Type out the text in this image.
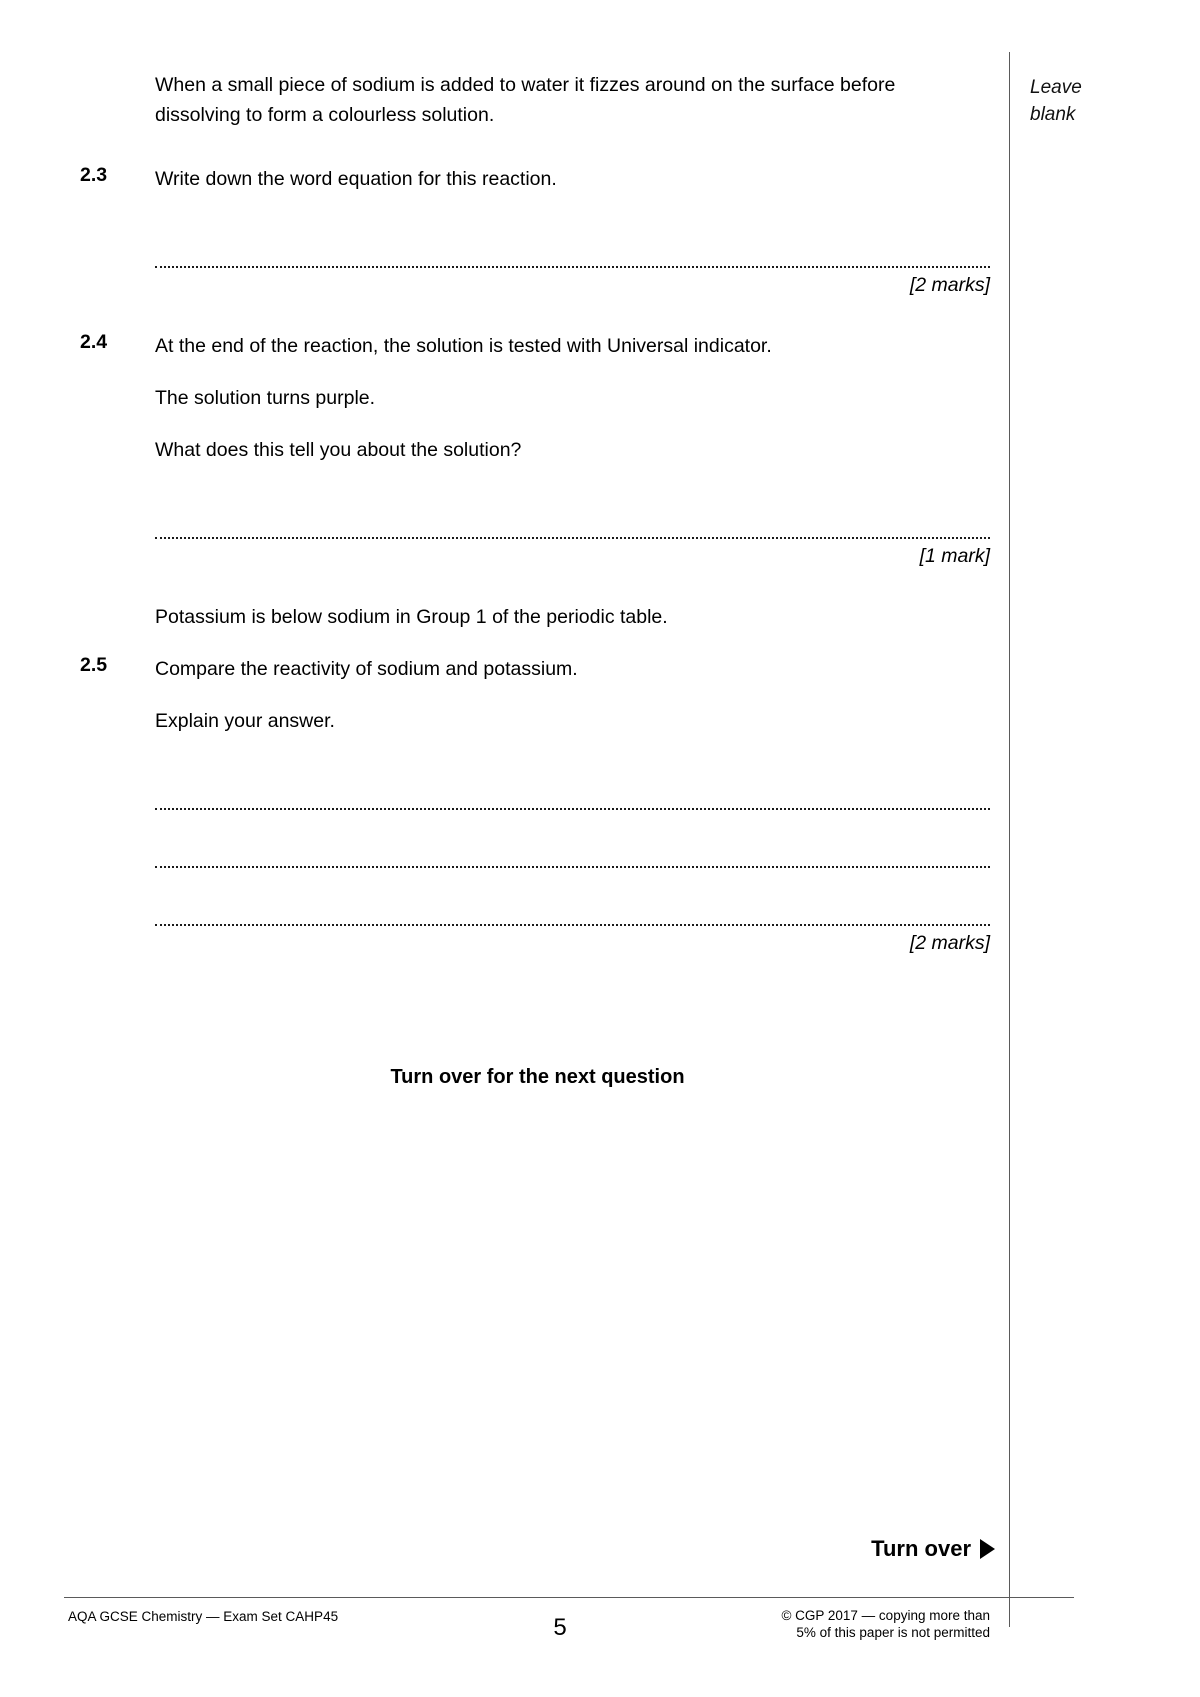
Leave
blank
When a small piece of sodium is added to water it fizzes around on the surface before dissolving to form a colourless solution.
2.3	Write down the word equation for this reaction.
[2 marks]
2.4	At the end of the reaction, the solution is tested with Universal indicator.
The solution turns purple.
What does this tell you about the solution?
[1 mark]
Potassium is below sodium in Group 1 of the periodic table.
2.5	Compare the reactivity of sodium and potassium.
Explain your answer.
[2 marks]
Turn over for the next question
Turn over
AQA GCSE Chemistry — Exam Set CAHP45	5	© CGP 2017 — copying more than
5% of this paper is not permitted
